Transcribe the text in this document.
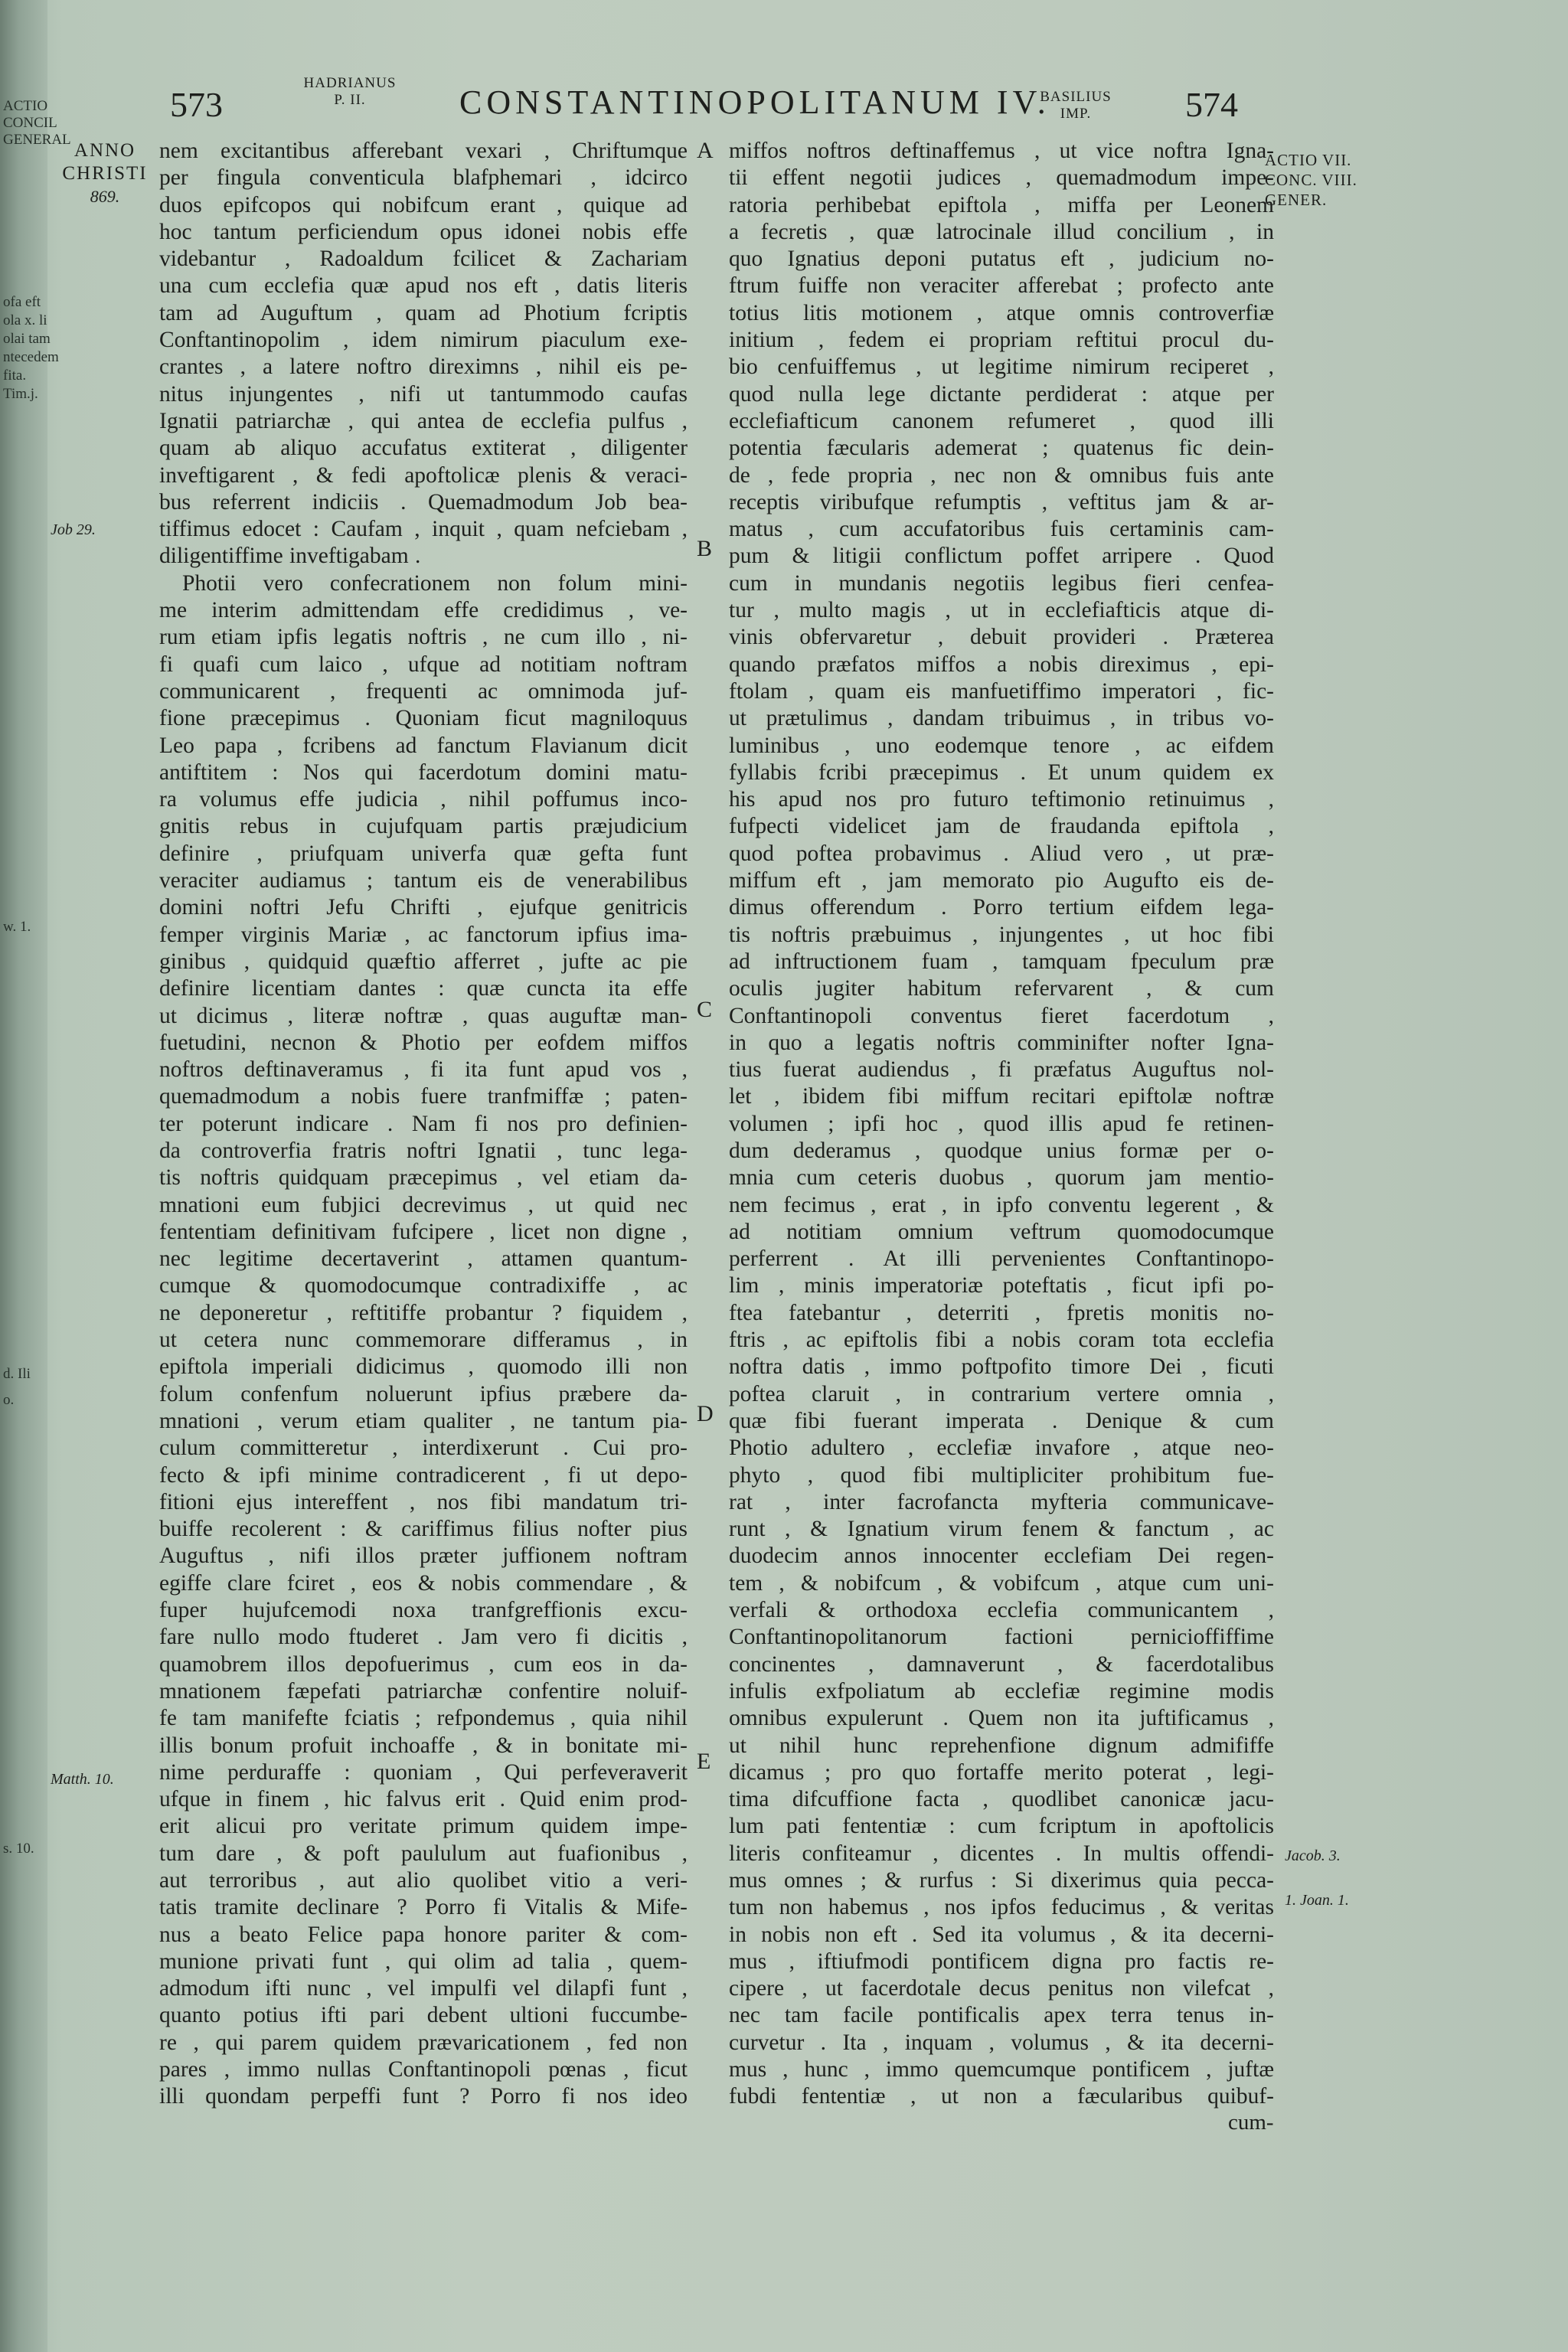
ACTIO
CONCIL
GENERAL
ofa eft
ola x. li
olai tam
ntecedem
fita.
Tim.j.
w. 1.
d. Ili
o.
s. 10.
573
HADRIANUS
P. II.	CONSTANTINOPOLITANUM IV.
BASILIUS
IMP.	574
ANNO
CHRISTI
869.
ACTIO VII.
CONC. VIII.
GENER.
Job 29.
Matth. 10.
Jacob. 3.
1. Joan. 1.
A
B
C
D
E
nem excitantibus afferebant vexari , Chriftumque
per fingula conventicula blafphemari , idcirco
duos epifcopos qui nobifcum erant , quique ad
hoc tantum perficiendum opus idonei nobis effe
videbantur , Radoaldum fcilicet & Zachariam
una cum ecclefia quæ apud nos eft , datis literis
tam ad Auguftum , quam ad Photium fcriptis
Conftantinopolim , idem nimirum piaculum exe-
crantes , a latere noftro direximns , nihil eis pe-
nitus injungentes , nifi ut tantummodo caufas
Ignatii patriarchæ , qui antea de ecclefia pulfus ,
quam ab aliquo accufatus extiterat , diligenter
inveftigarent , & fedi apoftolicæ plenis & veraci-
bus referrent indiciis . Quemadmodum Job bea-
tiffimus edocet : Caufam , inquit , quam nefciebam ,
diligentiffime inveftigabam .
Photii vero confecrationem non folum mini-
me interim admittendam effe credidimus , ve-
rum etiam ipfis legatis noftris , ne cum illo , ni-
fi quafi cum laico , ufque ad notitiam noftram
communicarent , frequenti ac omnimoda juf-
fione præcepimus . Quoniam ficut magniloquus
Leo papa , fcribens ad fanctum Flavianum dicit
antiftitem : Nos qui facerdotum domini matu-
ra volumus effe judicia , nihil poffumus inco-
gnitis rebus in cujufquam partis præjudicium
definire , priufquam univerfa quæ gefta funt
veraciter audiamus ; tantum eis de venerabilibus
domini noftri Jefu Chrifti , ejufque genitricis
femper virginis Mariæ , ac fanctorum ipfius ima-
ginibus , quidquid quæftio afferret , jufte ac pie
definire licentiam dantes : quæ cuncta ita effe
ut dicimus , literæ noftræ , quas auguftæ man-
fuetudini, necnon & Photio per eofdem miffos
noftros deftinaveramus , fi ita funt apud vos ,
quemadmodum a nobis fuere tranfmiffæ ; paten-
ter poterunt indicare . Nam fi nos pro definien-
da controverfia fratris noftri Ignatii , tunc lega-
tis noftris quidquam præcepimus , vel etiam da-
mnationi eum fubjici decrevimus , ut quid nec
fententiam definitivam fufcipere , licet non digne ,
nec legitime decertaverint , attamen quantum-
cumque & quomodocumque contradixiffe , ac
ne deponeretur , reftitiffe probantur ? fiquidem ,
ut cetera nunc commemorare differamus , in
epiftola imperiali didicimus , quomodo illi non
folum confenfum noluerunt ipfius præbere da-
mnationi , verum etiam qualiter , ne tantum pia-
culum committeretur , interdixerunt . Cui pro-
fecto & ipfi minime contradicerent , fi ut depo-
fitioni ejus intereffent , nos fibi mandatum tri-
buiffe recolerent : & cariffimus filius nofter pius
Auguftus , nifi illos præter juffionem noftram
egiffe clare fciret , eos & nobis commendare , &
fuper hujufcemodi noxa tranfgreffionis excu-
fare nullo modo ftuderet . Jam vero fi dicitis ,
quamobrem illos depofuerimus , cum eos in da-
mnationem fæpefati patriarchæ confentire noluif-
fe tam manifefte fciatis ; refpondemus , quia nihil
illis bonum profuit inchoaffe , & in bonitate mi-
nime perduraffe : quoniam , Qui perfeveraverit
ufque in finem , hic falvus erit . Quid enim prod-
erit alicui pro veritate primum quidem impe-
tum dare , & poft paululum aut fuafionibus ,
aut terroribus , aut alio quolibet vitio a veri-
tatis tramite declinare ? Porro fi Vitalis & Mife-
nus a beato Felice papa honore pariter & com-
munione privati funt , qui olim ad talia , quem-
admodum ifti nunc , vel impulfi vel dilapfi funt ,
quanto potius ifti pari debent ultioni fuccumbe-
re , qui parem quidem prævaricationem , fed non
pares , immo nullas Conftantinopoli pœnas , ficut
illi quondam perpeffi funt ? Porro fi nos ideo
miffos noftros deftinaffemus , ut vice noftra Igna-
tii effent negotii judices , quemadmodum impe-
ratoria perhibebat epiftola , miffa per Leonem
a fecretis , quæ latrocinale illud concilium , in
quo Ignatius deponi putatus eft , judicium no-
ftrum fuiffe non veraciter afferebat ; profecto ante
totius litis motionem , atque omnis controverfiæ
initium , fedem ei propriam reftitui procul du-
bio cenfuiffemus , ut legitime nimirum reciperet ,
quod nulla lege dictante perdiderat : atque per
ecclefiafticum canonem refumeret , quod illi
potentia fæcularis ademerat ; quatenus fic dein-
de , fede propria , nec non & omnibus fuis ante
receptis viribufque refumptis , veftitus jam & ar-
matus , cum accufatoribus fuis certaminis cam-
pum & litigii conflictum poffet arripere . Quod
cum in mundanis negotiis legibus fieri cenfea-
tur , multo magis , ut in ecclefiafticis atque di-
vinis obfervaretur , debuit provideri . Præterea
quando præfatos miffos a nobis direximus , epi-
ftolam , quam eis manfuetiffimo imperatori , fic-
ut prætulimus , dandam tribuimus , in tribus vo-
luminibus , uno eodemque tenore , ac eifdem
fyllabis fcribi præcepimus . Et unum quidem ex
his apud nos pro futuro teftimonio retinuimus ,
fufpecti videlicet jam de fraudanda epiftola ,
quod poftea probavimus . Aliud vero , ut præ-
miffum eft , jam memorato pio Augufto eis de-
dimus offerendum . Porro tertium eifdem lega-
tis noftris præbuimus , injungentes , ut hoc fibi
ad inftructionem fuam , tamquam fpeculum præ
oculis jugiter habitum refervarent , & cum
Conftantinopoli conventus fieret facerdotum ,
in quo a legatis noftris comminifter nofter Igna-
tius fuerat audiendus , fi præfatus Auguftus nol-
let , ibidem fibi miffum recitari epiftolæ noftræ
volumen ; ipfi hoc , quod illis apud fe retinen-
dum dederamus , quodque unius formæ per o-
mnia cum ceteris duobus , quorum jam mentio-
nem fecimus , erat , in ipfo conventu legerent , &
ad notitiam omnium veftrum quomodocumque
perferrent . At illi pervenientes Conftantinopo-
lim , minis imperatoriæ poteftatis , ficut ipfi po-
ftea fatebantur , deterriti , fpretis monitis no-
ftris , ac epiftolis fibi a nobis coram tota ecclefia
noftra datis , immo poftpofito timore Dei , ficuti
poftea claruit , in contrarium vertere omnia ,
quæ fibi fuerant imperata . Denique & cum
Photio adultero , ecclefiæ invafore , atque neo-
phyto , quod fibi multipliciter prohibitum fue-
rat , inter facrofancta myfteria communicave-
runt , & Ignatium virum fenem & fanctum , ac
duodecim annos innocenter ecclefiam Dei regen-
tem , & nobifcum , & vobifcum , atque cum uni-
verfali & orthodoxa ecclefia communicantem ,
Conftantinopolitanorum factioni pernicioffiffime
concinentes , damnaverunt , & facerdotalibus
infulis exfpoliatum ab ecclefiæ regimine modis
omnibus expulerunt . Quem non ita juftificamus ,
ut nihil hunc reprehenfione dignum admififfe
dicamus ; pro quo fortaffe merito poterat , legi-
tima difcuffione facta , quodlibet canonicæ jacu-
lum pati fententiæ : cum fcriptum in apoftolicis
literis confiteamur , dicentes . In multis offendi-
mus omnes ; & rurfus : Si dixerimus quia pecca-
tum non habemus , nos ipfos feducimus , & veritas
in nobis non eft . Sed ita volumus , & ita decerni-
mus , iftiufmodi pontificem digna pro factis re-
cipere , ut facerdotale decus penitus non vilefcat ,
nec tam facile pontificalis apex terra tenus in-
curvetur . Ita , inquam , volumus , & ita decerni-
mus , hunc , immo quemcumque pontificem , juftæ
fubdi fententiæ , ut non a fæcularibus quibuf-
cum-
